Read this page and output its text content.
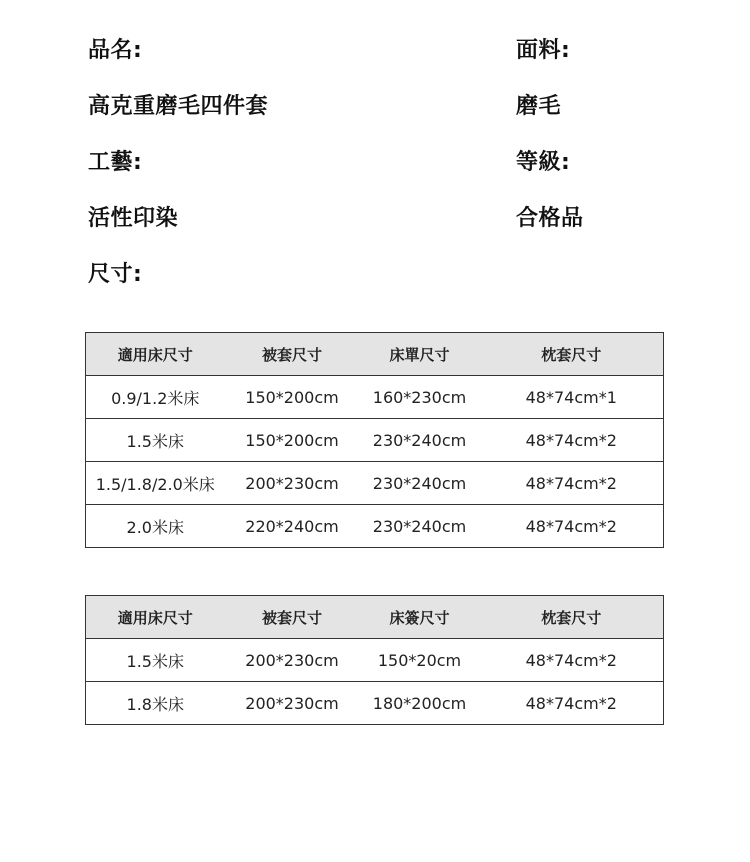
品名:	面料:
高克重磨毛四件套	磨毛
工藝:	等級:
活性印染	合格品
尺寸:
適用床尺寸	被套尺寸	床單尺寸	枕套尺寸
0.9/1.2米床	150*200cm	160*230cm	48*74cm*1
1.5米床	150*200cm	230*240cm	48*74cm*2
1.5/1.8/2.0米床	200*230cm	230*240cm	48*74cm*2
2.0米床	220*240cm	230*240cm	48*74cm*2
適用床尺寸	被套尺寸	床簽尺寸	枕套尺寸
1.5米床	200*230cm	150*20cm	48*74cm*2
1.8米床	200*230cm	180*200cm	48*74cm*2
